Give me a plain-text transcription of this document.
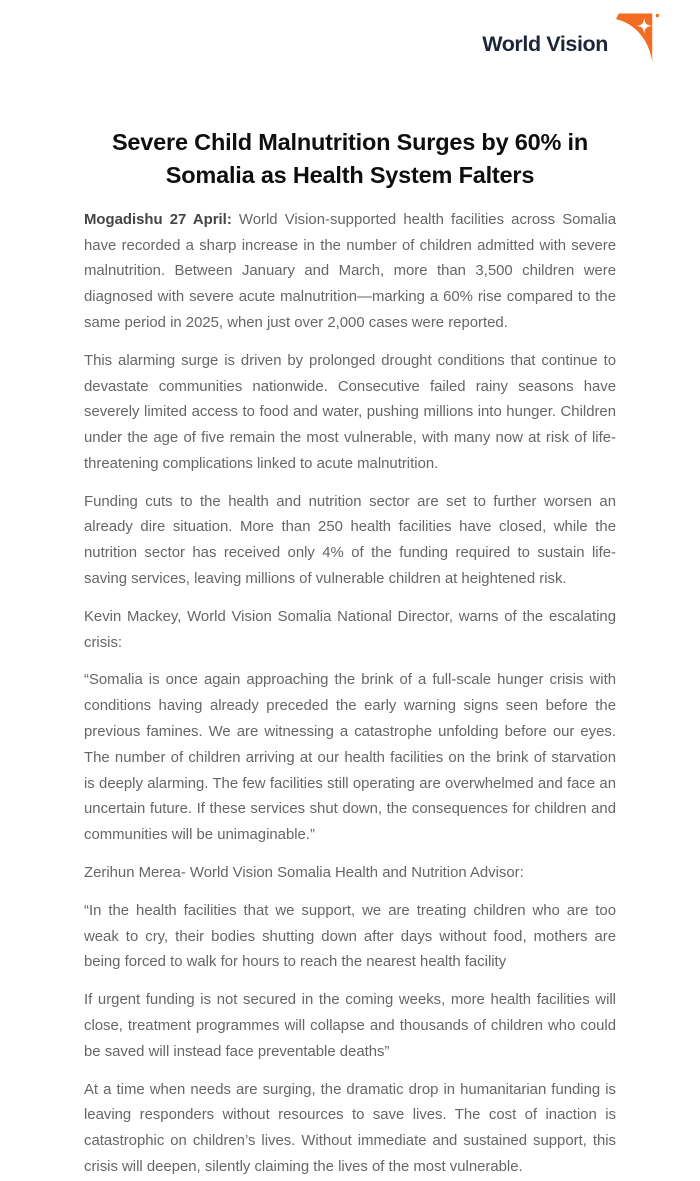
World Vision
Severe Child Malnutrition Surges by 60% in
Somalia as Health System Falters

Mogadishu 27 April: World Vision-supported health facilities across Somalia have recorded a sharp increase in the number of children admitted with severe malnutrition. Between January and March, more than 3,500 children were diagnosed with severe acute malnutrition—marking a 60% rise compared to the same period in 2025, when just over 2,000 cases were reported.

This alarming surge is driven by prolonged drought conditions that continue to devastate communities nationwide. Consecutive failed rainy seasons have severely limited access to food and water, pushing millions into hunger. Children under the age of five remain the most vulnerable, with many now at risk of life-threatening complications linked to acute malnutrition.

Funding cuts to the health and nutrition sector are set to further worsen an already dire situation. More than 250 health facilities have closed, while the nutrition sector has received only 4% of the funding required to sustain life-saving services, leaving millions of vulnerable children at heightened risk.

Kevin Mackey, World Vision Somalia National Director, warns of the escalating crisis:

“Somalia is once again approaching the brink of a full-scale hunger crisis with conditions having already preceded the early warning signs seen before the previous famines. We are witnessing a catastrophe unfolding before our eyes. The number of children arriving at our health facilities on the brink of starvation is deeply alarming. The few facilities still operating are overwhelmed and face an uncertain future. If these services shut down, the consequences for children and communities will be unimaginable.”

Zerihun Merea- World Vision Somalia Health and Nutrition Advisor:

“In the health facilities that we support, we are treating children who are too weak to cry, their bodies shutting down after days without food, mothers are being forced to walk for hours to reach the nearest health facility

If urgent funding is not secured in the coming weeks, more health facilities will close, treatment programmes will collapse and thousands of children who could be saved will instead face preventable deaths”

At a time when needs are surging, the dramatic drop in humanitarian funding is leaving responders without resources to save lives. The cost of inaction is catastrophic on children’s lives. Without immediate and sustained support, this crisis will deepen, silently claiming the lives of the most vulnerable.
